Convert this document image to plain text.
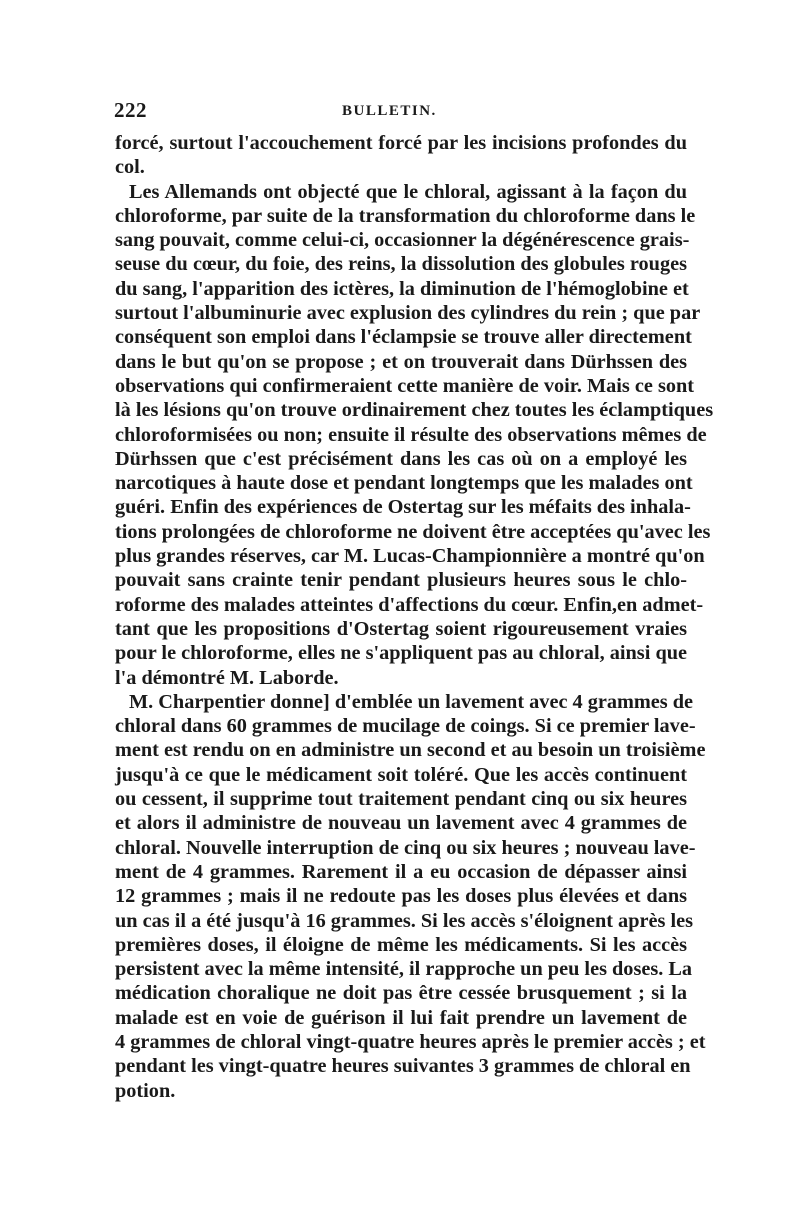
222	BULLETIN.
forcé, surtout l'accouchement forcé par les incisions profondes du
col.
Les Allemands ont objecté que le chloral, agissant à la façon du
chloroforme, par suite de la transformation du chloroforme dans le
sang pouvait, comme celui-ci, occasionner la dégénérescence grais-
seuse du cœur, du foie, des reins, la dissolution des globules rouges
du sang, l'apparition des ictères, la diminution de l'hémoglobine et
surtout l'albuminurie avec explusion des cylindres du rein ; que par
conséquent son emploi dans l'éclampsie se trouve aller directement
dans le but qu'on se propose ; et on trouverait dans Dürhssen des
observations qui confirmeraient cette manière de voir. Mais ce sont
là les lésions qu'on trouve ordinairement chez toutes les éclamptiques
chloroformisées ou non; ensuite il résulte des observations mêmes de
Dürhssen que c'est précisément dans les cas où on a employé les
narcotiques à haute dose et pendant longtemps que les malades ont
guéri. Enfin des expériences de Ostertag sur les méfaits des inhala-
tions prolongées de chloroforme ne doivent être acceptées qu'avec les
plus grandes réserves, car M. Lucas-Championnière a montré qu'on
pouvait sans crainte tenir pendant plusieurs heures sous le chlo-
roforme des malades atteintes d'affections du cœur. Enfin,en admet-
tant que les propositions d'Ostertag soient rigoureusement vraies
pour le chloroforme, elles ne s'appliquent pas au chloral, ainsi que
l'a démontré M. Laborde.
M. Charpentier donne] d'emblée un lavement avec 4 grammes de
chloral dans 60 grammes de mucilage de coings. Si ce premier lave-
ment est rendu on en administre un second et au besoin un troisième
jusqu'à ce que le médicament soit toléré. Que les accès continuent
ou cessent, il supprime tout traitement pendant cinq ou six heures
et alors il administre de nouveau un lavement avec 4 grammes de
chloral. Nouvelle interruption de cinq ou six heures ; nouveau lave-
ment de 4 grammes. Rarement il a eu occasion de dépasser ainsi
12 grammes ; mais il ne redoute pas les doses plus élevées et dans
un cas il a été jusqu'à 16 grammes. Si les accès s'éloignent après les
premières doses, il éloigne de même les médicaments. Si les accès
persistent avec la même intensité, il rapproche un peu les doses. La
médication choralique ne doit pas être cessée brusquement ; si la
malade est en voie de guérison il lui fait prendre un lavement de
4 grammes de chloral vingt-quatre heures après le premier accès ; et
pendant les vingt-quatre heures suivantes 3 grammes de chloral en
potion.
